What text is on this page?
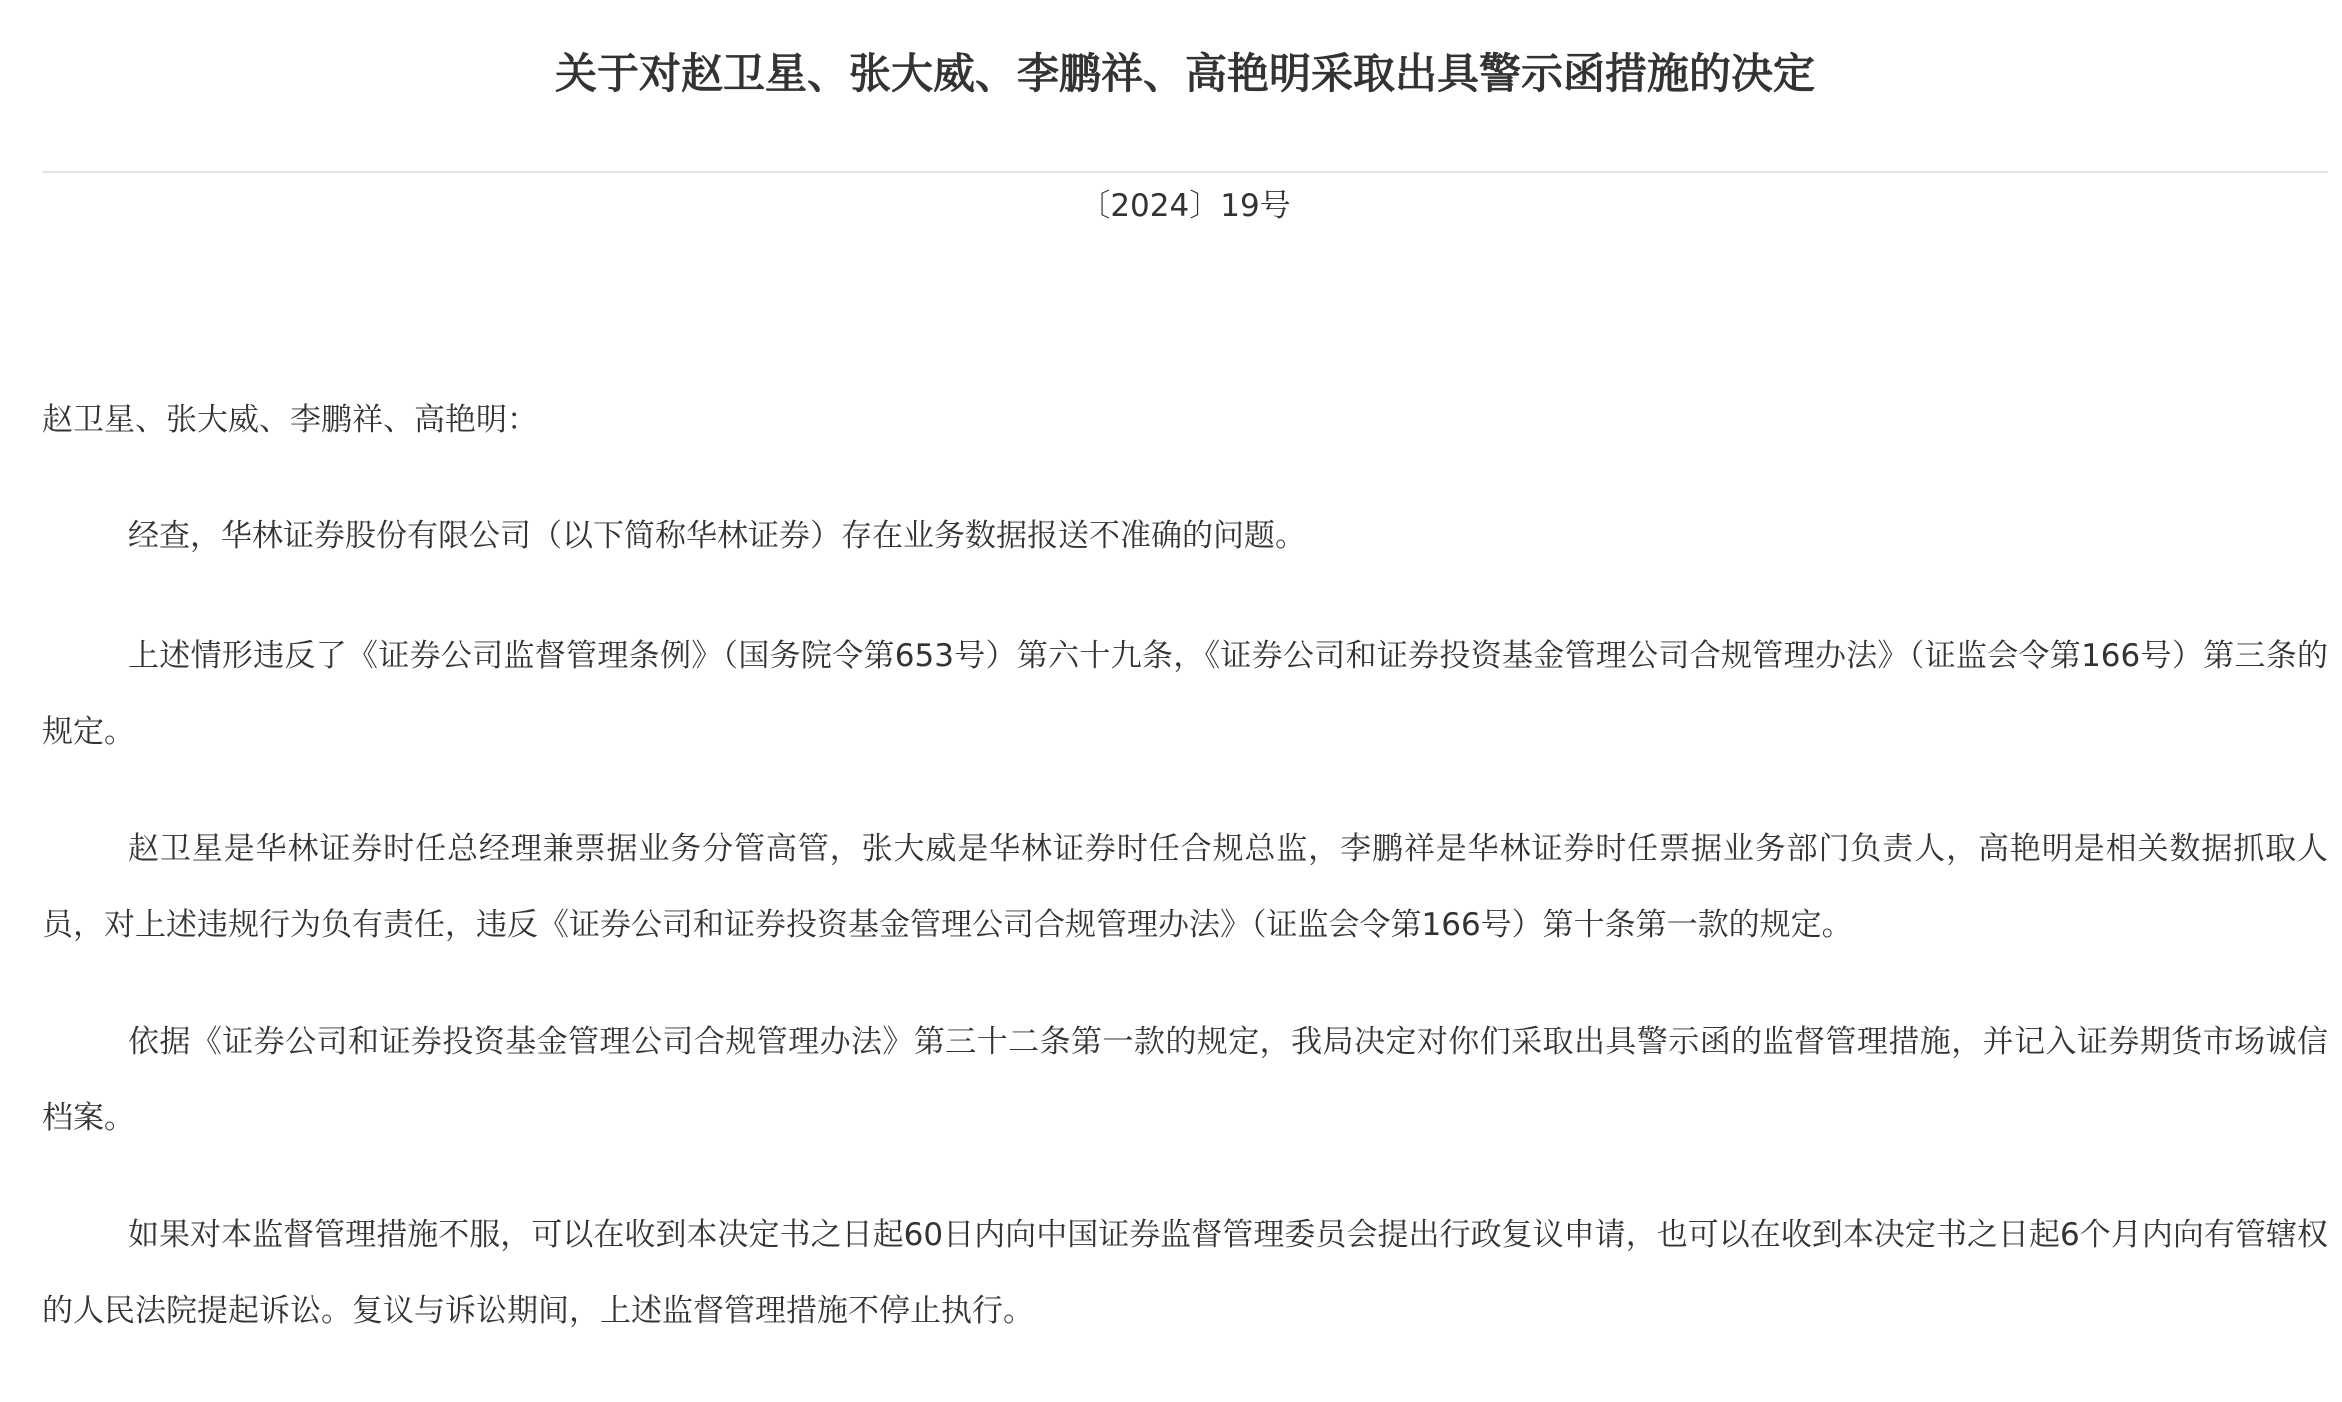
关于对赵卫星、张大威、李鹏祥、高艳明采取出具警示函措施的决定
〔2024〕19号
赵卫星、张大威、李鹏祥、高艳明：

经查，华林证券股份有限公司（以下简称华林证券）存在业务数据报送不准确的问题。

上述情形违反了《证券公司监督管理条例》（国务院令第653号）第六十九条，《证券公司和证券投资基金管理公司合规管理办法》（证监会令第166号）第三条的规定。

赵卫星是华林证券时任总经理兼票据业务分管高管，张大威是华林证券时任合规总监，李鹏祥是华林证券时任票据业务部门负责人，高艳明是相关数据抓取人员，对上述违规行为负有责任，违反《证券公司和证券投资基金管理公司合规管理办法》（证监会令第166号）第十条第一款的规定。

依据《证券公司和证券投资基金管理公司合规管理办法》第三十二条第一款的规定，我局决定对你们采取出具警示函的监督管理措施，并记入证券期货市场诚信档案。

如果对本监督管理措施不服，可以在收到本决定书之日起60日内向中国证券监督管理委员会提出行政复议申请，也可以在收到本决定书之日起6个月内向有管辖权的人民法院提起诉讼。复议与诉讼期间，上述监督管理措施不停止执行。
